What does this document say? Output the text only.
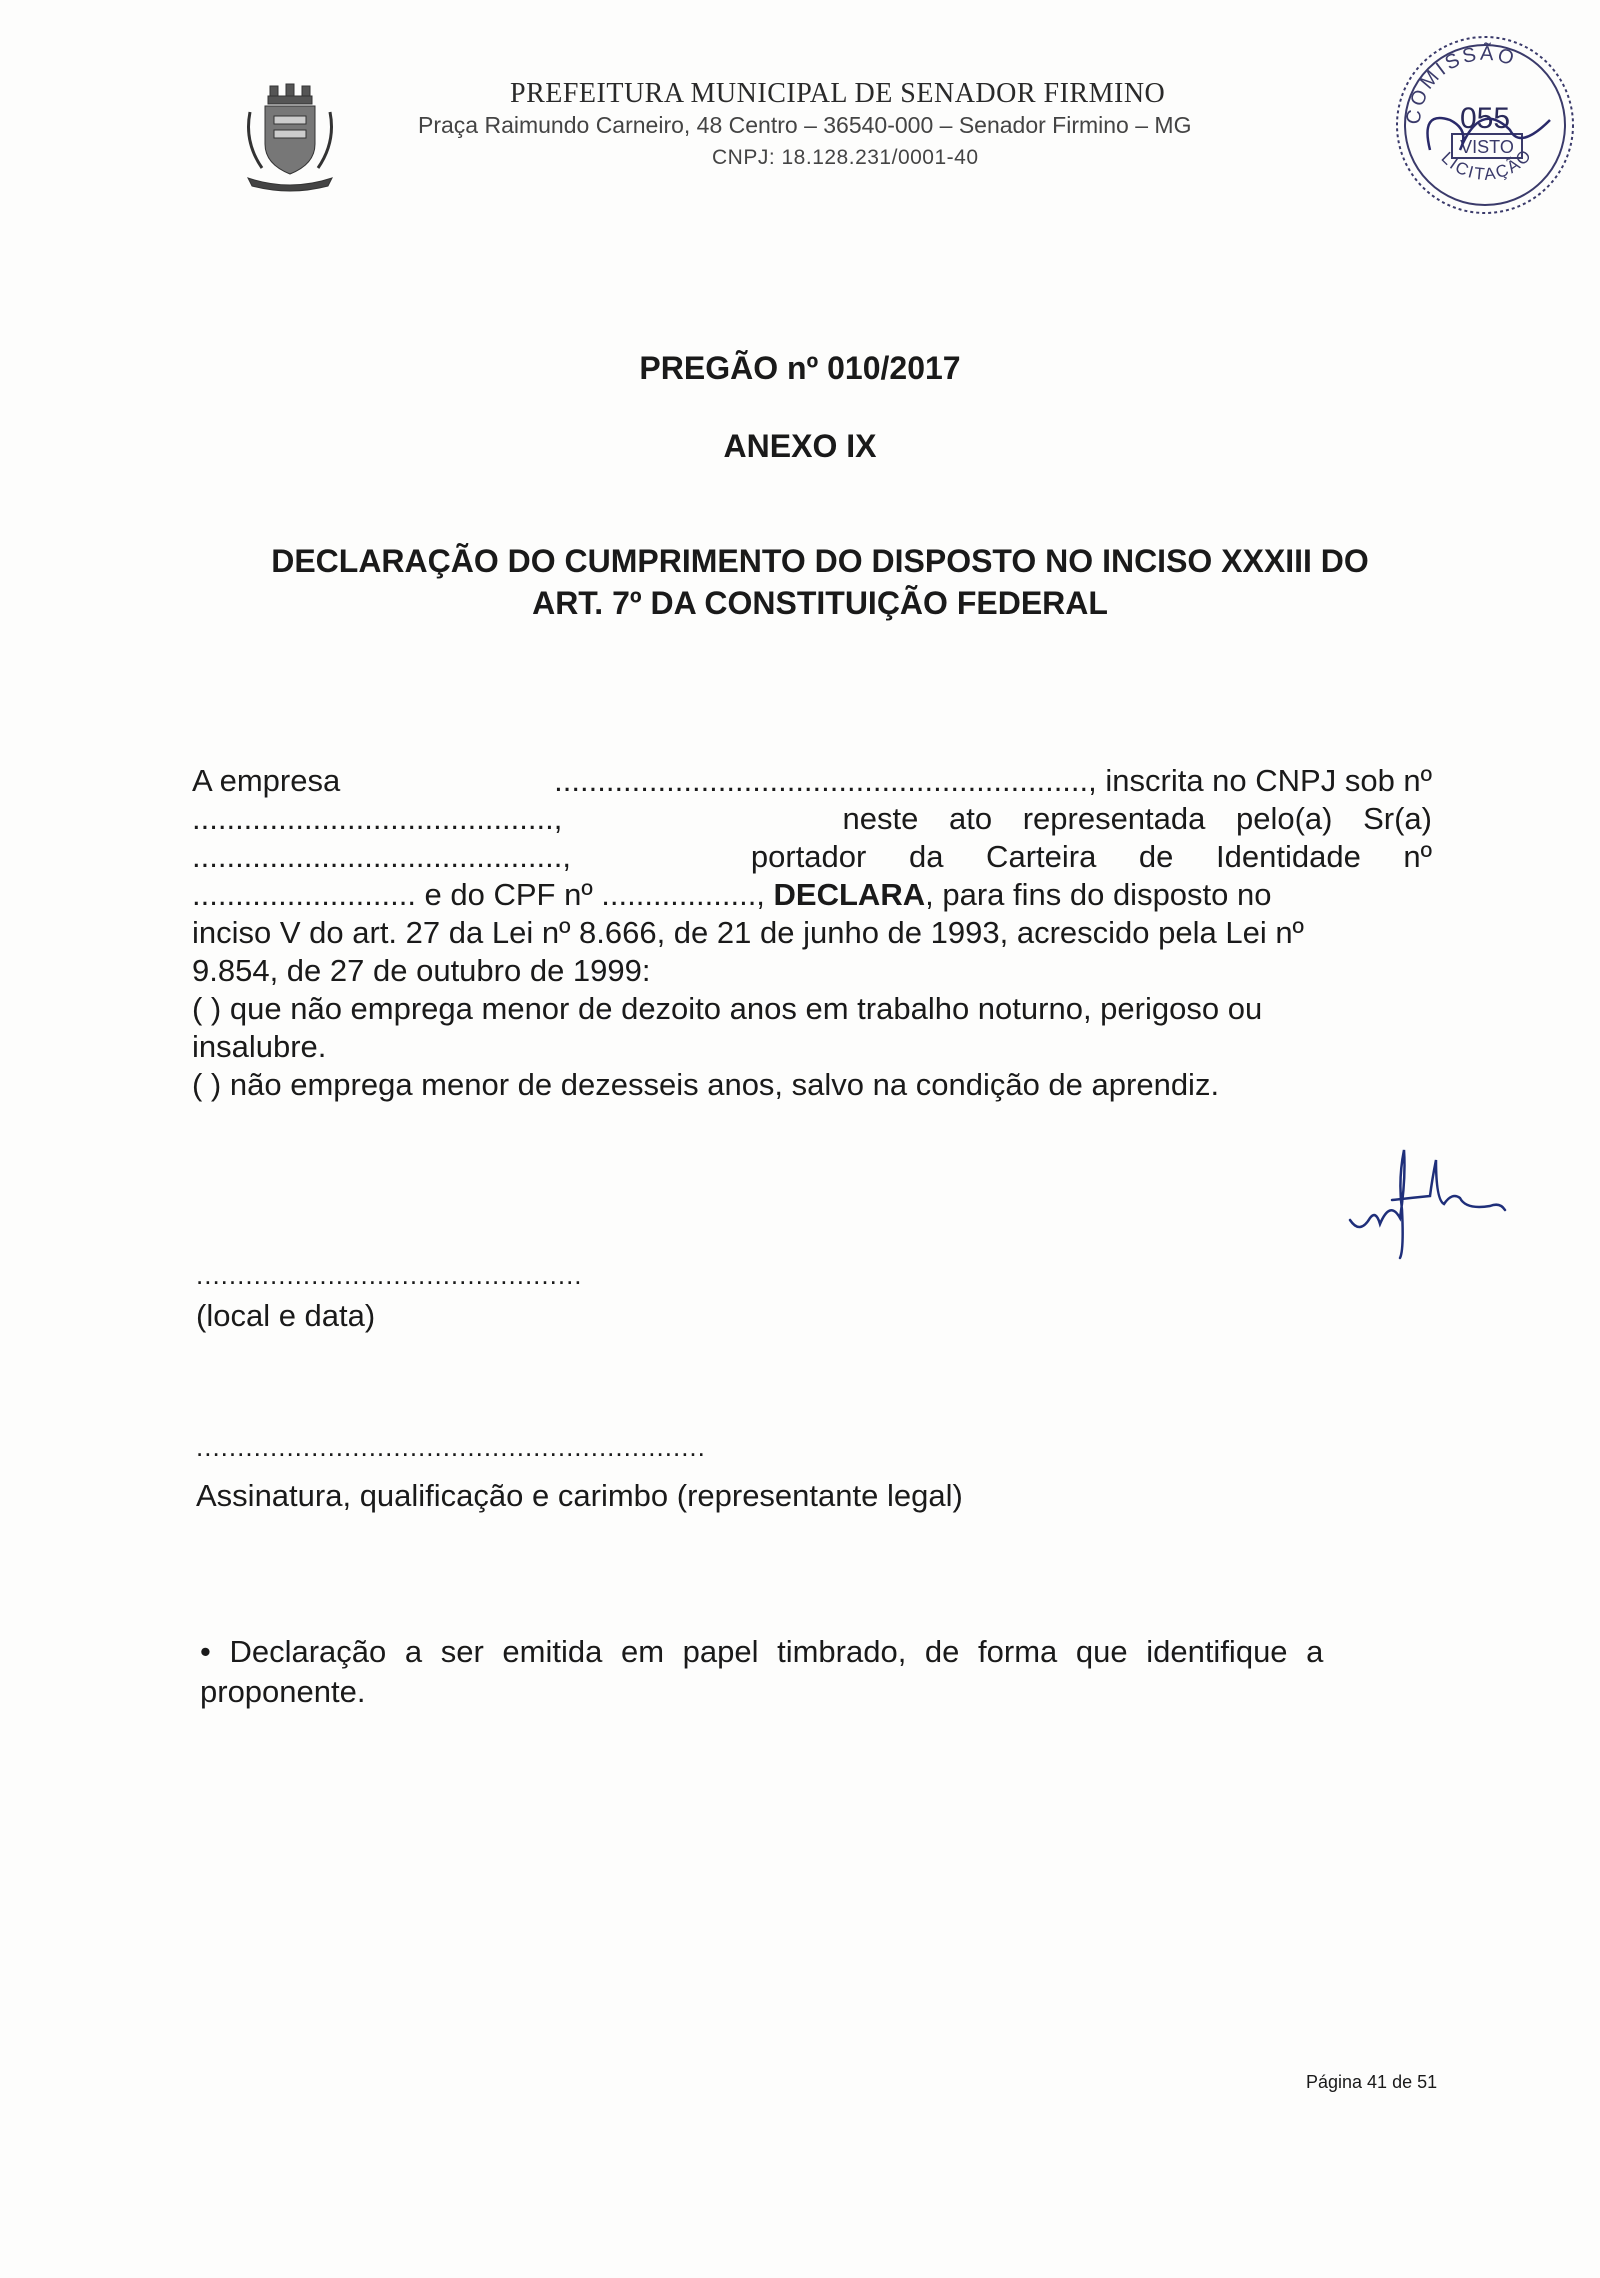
PREFEITURA MUNICIPAL DE SENADOR FIRMINO
Praça Raimundo Carneiro, 48 Centro – 36540-000 – Senador Firmino – MG
CNPJ: 18.128.231/0001-40
COMISSÃO
055
VISTO
LICITAÇÃO
PREGÃO nº 010/2017
ANEXO IX
DECLARAÇÃO DO CUMPRIMENTO DO DISPOSTO NO INCISO XXXIII DO
ART. 7º DA CONSTITUIÇÃO FEDERAL
A empresa	.............................................................., inscrita no CNPJ sob nº
..........................................,	neste ato representada pelo(a) Sr(a)
...........................................,	portador da Carteira de Identidade nº
.......................... e do CPF nº .................., DECLARA, para fins do disposto no
inciso V do art. 27 da Lei nº 8.666, de 21 de junho de 1993, acrescido pela Lei nº
9.854, de 27 de outubro de 1999:
( ) que não emprega menor de dezoito anos em trabalho noturno, perigoso ou
insalubre.
( ) não emprega menor de dezesseis anos, salvo na condição de aprendiz.
...............................................
(local e data)
..............................................................
Assinatura, qualificação e carimbo (representante legal)
• Declaração a ser emitida em papel timbrado, de forma que identifique a
proponente.
Página 41 de 51
